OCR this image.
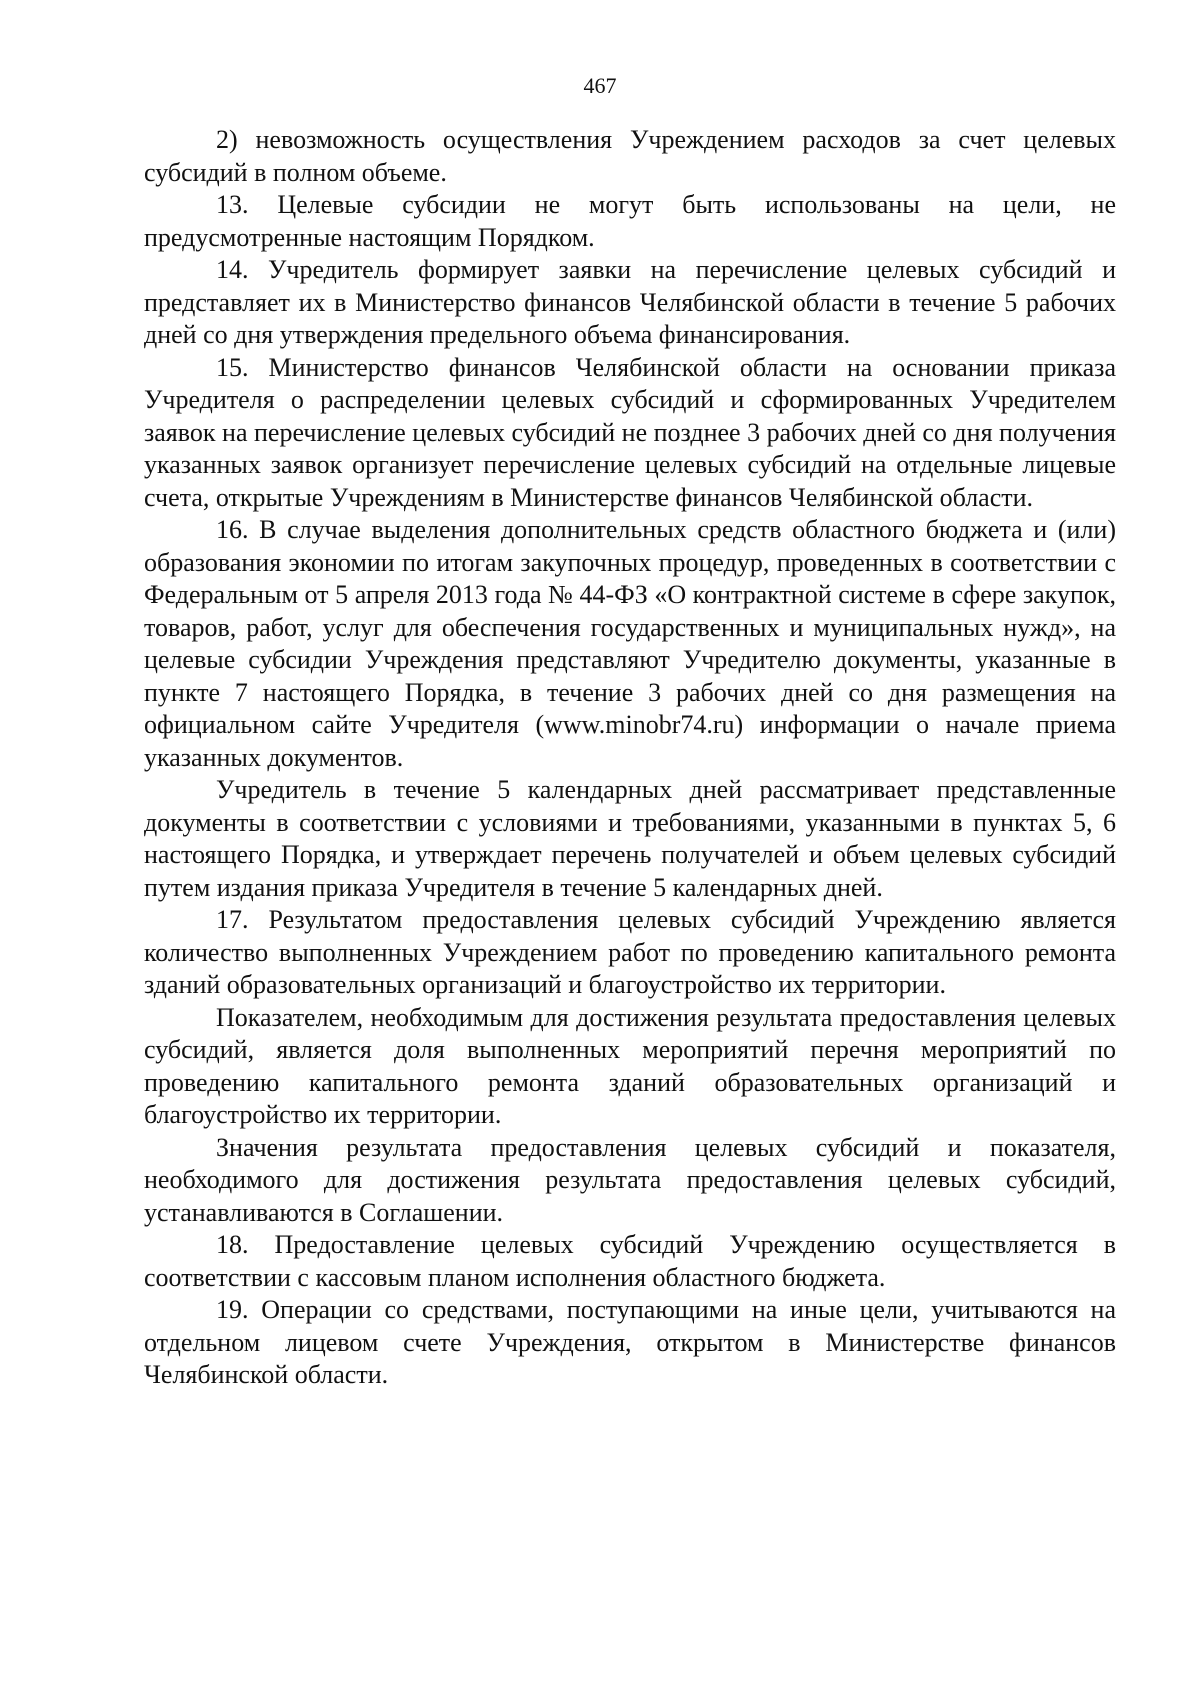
467

2) невозможность осуществления Учреждением расходов за счет целевых субсидий в полном объеме.

13. Целевые субсидии не могут быть использованы на цели, не предусмотренные настоящим Порядком.

14. Учредитель формирует заявки на перечисление целевых субсидий и представляет их в Министерство финансов Челябинской области в течение 5 рабочих дней со дня утверждения предельного объема финансирования.

15. Министерство финансов Челябинской области на основании приказа Учредителя о распределении целевых субсидий и сформированных Учредителем заявок на перечисление целевых субсидий не позднее 3 рабочих дней со дня получения указанных заявок организует перечисление целевых субсидий на отдельные лицевые счета, открытые Учреждениям в Министерстве финансов Челябинской области.

16. В случае выделения дополнительных средств областного бюджета и (или) образования экономии по итогам закупочных процедур, проведенных в соответствии с Федеральным от 5 апреля 2013 года № 44-ФЗ «О контрактной системе в сфере закупок, товаров, работ, услуг для обеспечения государственных и муниципальных нужд», на целевые субсидии Учреждения представляют Учредителю документы, указанные в пункте 7 настоящего Порядка, в течение 3 рабочих дней со дня размещения на официальном сайте Учредителя (www.minobr74.ru) информации о начале приема указанных документов.

Учредитель в течение 5 календарных дней рассматривает представленные документы в соответствии с условиями и требованиями, указанными в пунктах 5, 6 настоящего Порядка, и утверждает перечень получателей и объем целевых субсидий путем издания приказа Учредителя в течение 5 календарных дней.

17. Результатом предоставления целевых субсидий Учреждению является количество выполненных Учреждением работ по проведению капитального ремонта зданий образовательных организаций и благоустройство их территории.

Показателем, необходимым для достижения результата предоставления целевых субсидий, является доля выполненных мероприятий перечня мероприятий по проведению капитального ремонта зданий образовательных организаций и благоустройство их территории.

Значения результата предоставления целевых субсидий и показателя, необходимого для достижения результата предоставления целевых субсидий, устанавливаются в Соглашении.

18. Предоставление целевых субсидий Учреждению осуществляется в соответствии с кассовым планом исполнения областного бюджета.

19. Операции со средствами, поступающими на иные цели, учитываются на отдельном лицевом счете Учреждения, открытом в Министерстве финансов Челябинской области.
